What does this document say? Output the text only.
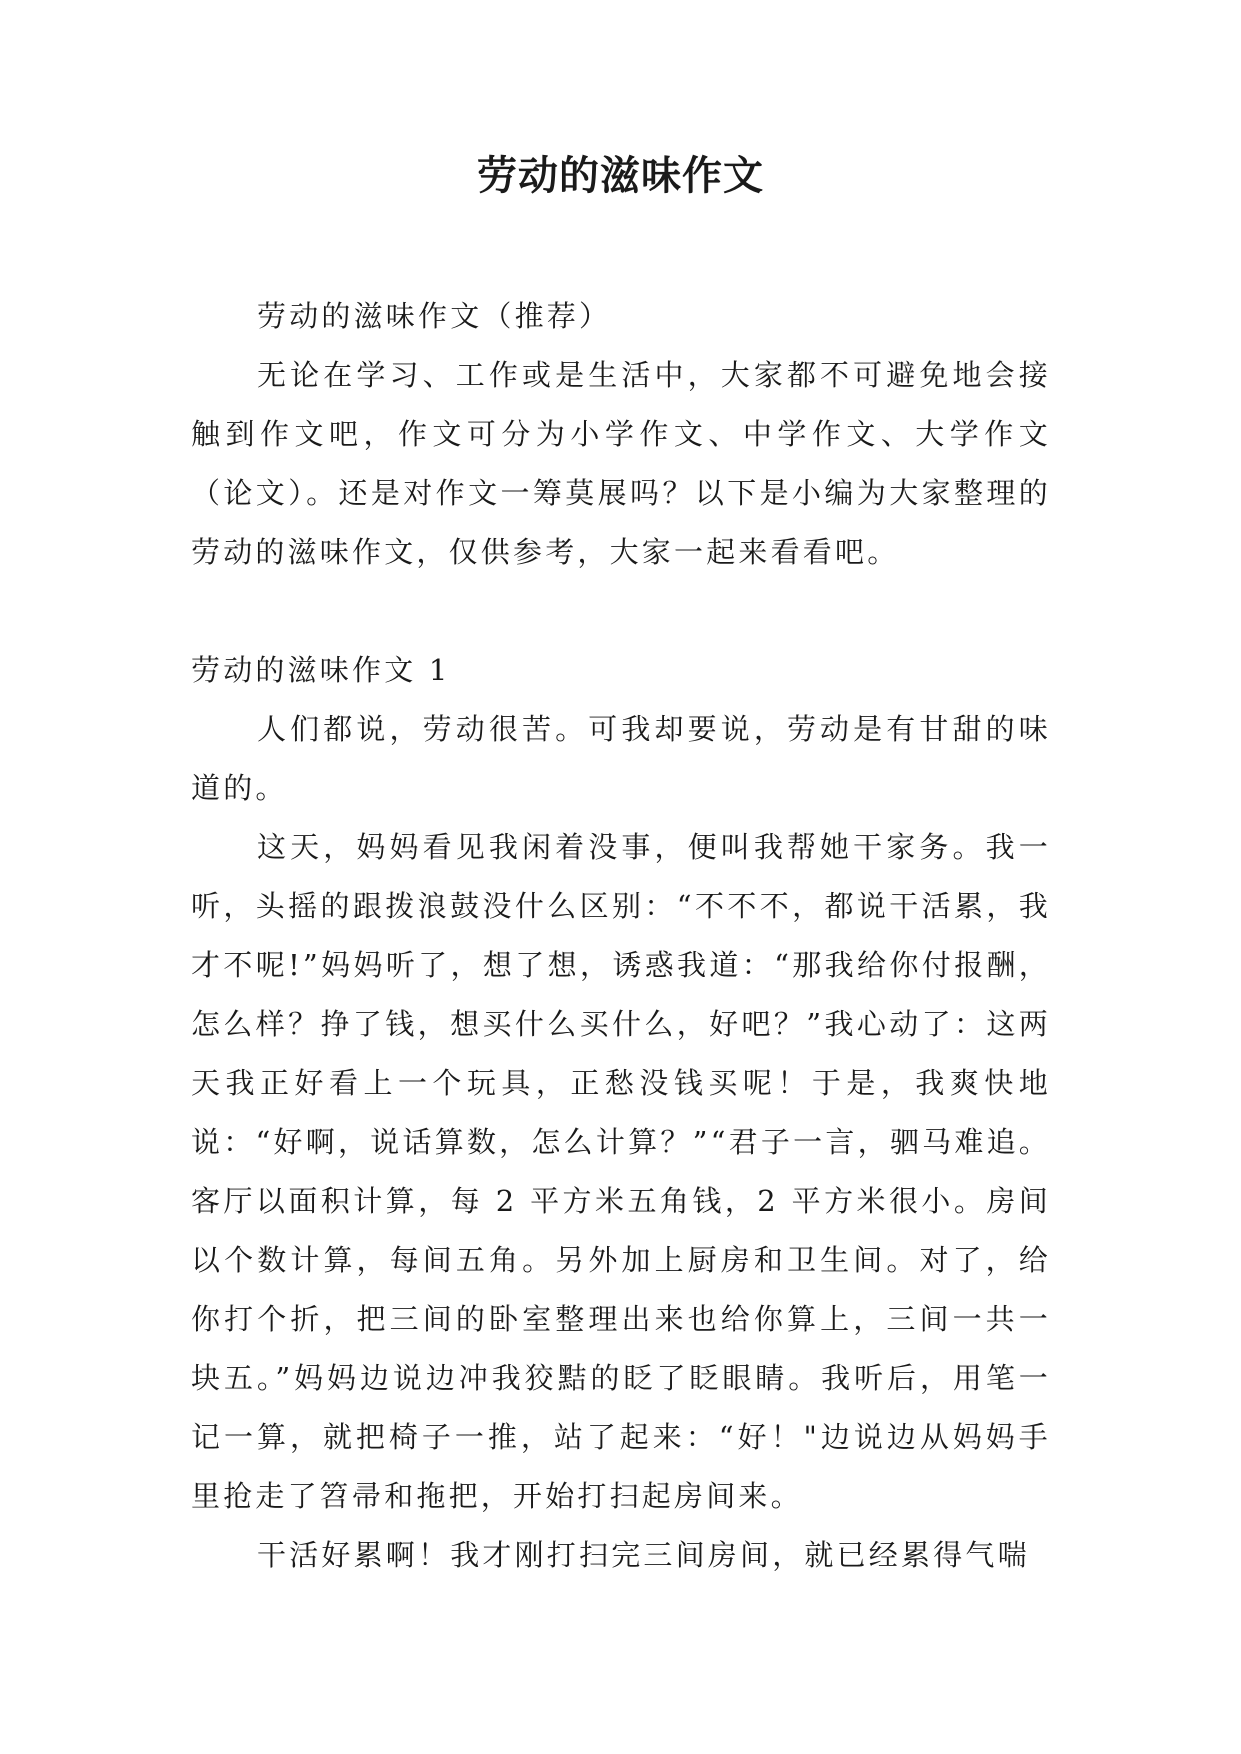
劳动的滋味作文

劳动的滋味作文（推荐）

无论在学习、工作或是生活中，大家都不可避免地会接触到作文吧，作文可分为小学作文、中学作文、大学作文（论文）。还是对作文一筹莫展吗？以下是小编为大家整理的劳动的滋味作文，仅供参考，大家一起来看看吧。

劳动的滋味作文 1

人们都说，劳动很苦。可我却要说，劳动是有甘甜的味道的。

这天，妈妈看见我闲着没事，便叫我帮她干家务。我一听，头摇的跟拨浪鼓没什么区别：“不不不，都说干活累，我才不呢!”妈妈听了，想了想，诱惑我道：“那我给你付报酬，怎么样？挣了钱，想买什么买什么，好吧？”我心动了：这两天我正好看上一个玩具，正愁没钱买呢！于是，我爽快地说：“好啊，说话算数，怎么计算？”“君子一言，驷马难追。客厅以面积计算，每 2 平方米五角钱，2 平方米很小。房间以个数计算，每间五角。另外加上厨房和卫生间。对了，给你打个折，把三间的卧室整理出来也给你算上，三间一共一块五。”妈妈边说边冲我狡黠的眨了眨眼睛。我听后，用笔一记一算，就把椅子一推，站了起来：“好！"边说边从妈妈手里抢走了笤帚和拖把，开始打扫起房间来。

干活好累啊！我才刚打扫完三间房间，就已经累得气喘
